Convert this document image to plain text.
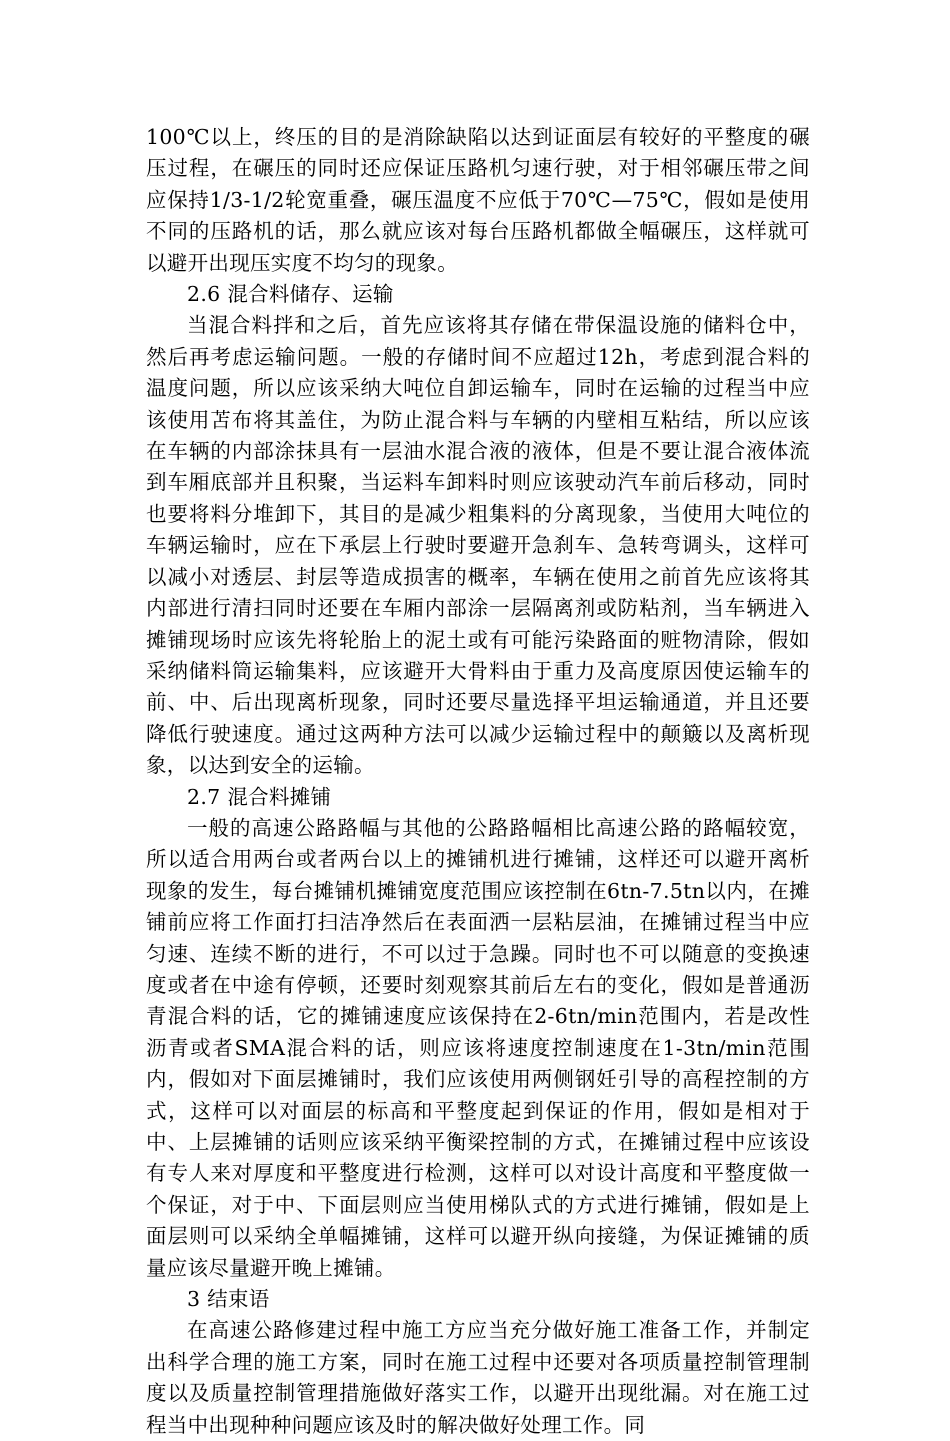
100℃以上，终压的目的是消除缺陷以达到证面层有较好的平整度的碾压过程，在碾压的同时还应保证压路机匀速行驶，对于相邻碾压带之间应保持1/3-1/2轮宽重叠，碾压温度不应低于70℃—75℃，假如是使用不同的压路机的话，那么就应该对每台压路机都做全幅碾压，这样就可以避开出现压实度不均匀的现象。

2.6 混合料储存、运输

当混合料拌和之后，首先应该将其存储在带保温设施的储料仓中，然后再考虑运输问题。一般的存储时间不应超过12h，考虑到混合料的温度问题，所以应该采纳大吨位自卸运输车，同时在运输的过程当中应该使用苫布将其盖住，为防止混合料与车辆的内壁相互粘结，所以应该在车辆的内部涂抹具有一层油水混合液的液体，但是不要让混合液体流到车厢底部并且积聚，当运料车卸料时则应该驶动汽车前后移动，同时也要将料分堆卸下，其目的是减少粗集料的分离现象，当使用大吨位的车辆运输时，应在下承层上行驶时要避开急刹车、急转弯调头，这样可以减小对透层、封层等造成损害的概率，车辆在使用之前首先应该将其内部进行清扫同时还要在车厢内部涂一层隔离剂或防粘剂，当车辆进入摊铺现场时应该先将轮胎上的泥土或有可能污染路面的赃物清除，假如采纳储料筒运输集料，应该避开大骨料由于重力及高度原因使运输车的前、中、后出现离析现象，同时还要尽量选择平坦运输通道，并且还要降低行驶速度。通过这两种方法可以减少运输过程中的颠簸以及离析现象，以达到安全的运输。

2.7 混合料摊铺

一般的高速公路路幅与其他的公路路幅相比高速公路的路幅较宽，所以适合用两台或者两台以上的摊铺机进行摊铺，这样还可以避开离析现象的发生，每台摊铺机摊铺宽度范围应该控制在6tn-7.5tn以内，在摊铺前应将工作面打扫洁净然后在表面洒一层粘层油，在摊铺过程当中应匀速、连续不断的进行，不可以过于急躁。同时也不可以随意的变换速度或者在中途有停顿，还要时刻观察其前后左右的变化，假如是普通沥青混合料的话，它的摊铺速度应该保持在2-6tn/min范围内，若是改性沥青或者SMA混合料的话，则应该将速度控制速度在1-3tn/min范围内，假如对下面层摊铺时，我们应该使用两侧钢妊引导的高程控制的方式，这样可以对面层的标高和平整度起到保证的作用，假如是相对于中、上层摊铺的话则应该采纳平衡梁控制的方式，在摊铺过程中应该设有专人来对厚度和平整度进行检测，这样可以对设计高度和平整度做一个保证，对于中、下面层则应当使用梯队式的方式进行摊铺，假如是上面层则可以采纳全单幅摊铺，这样可以避开纵向接缝，为保证摊铺的质量应该尽量避开晚上摊铺。

3 结束语

在高速公路修建过程中施工方应当充分做好施工准备工作，并制定出科学合理的施工方案，同时在施工过程中还要对各项质量控制管理制度以及质量控制管理措施做好落实工作，以避开出现纰漏。对在施工过程当中出现种种问题应该及时的解决做好处理工作。同
